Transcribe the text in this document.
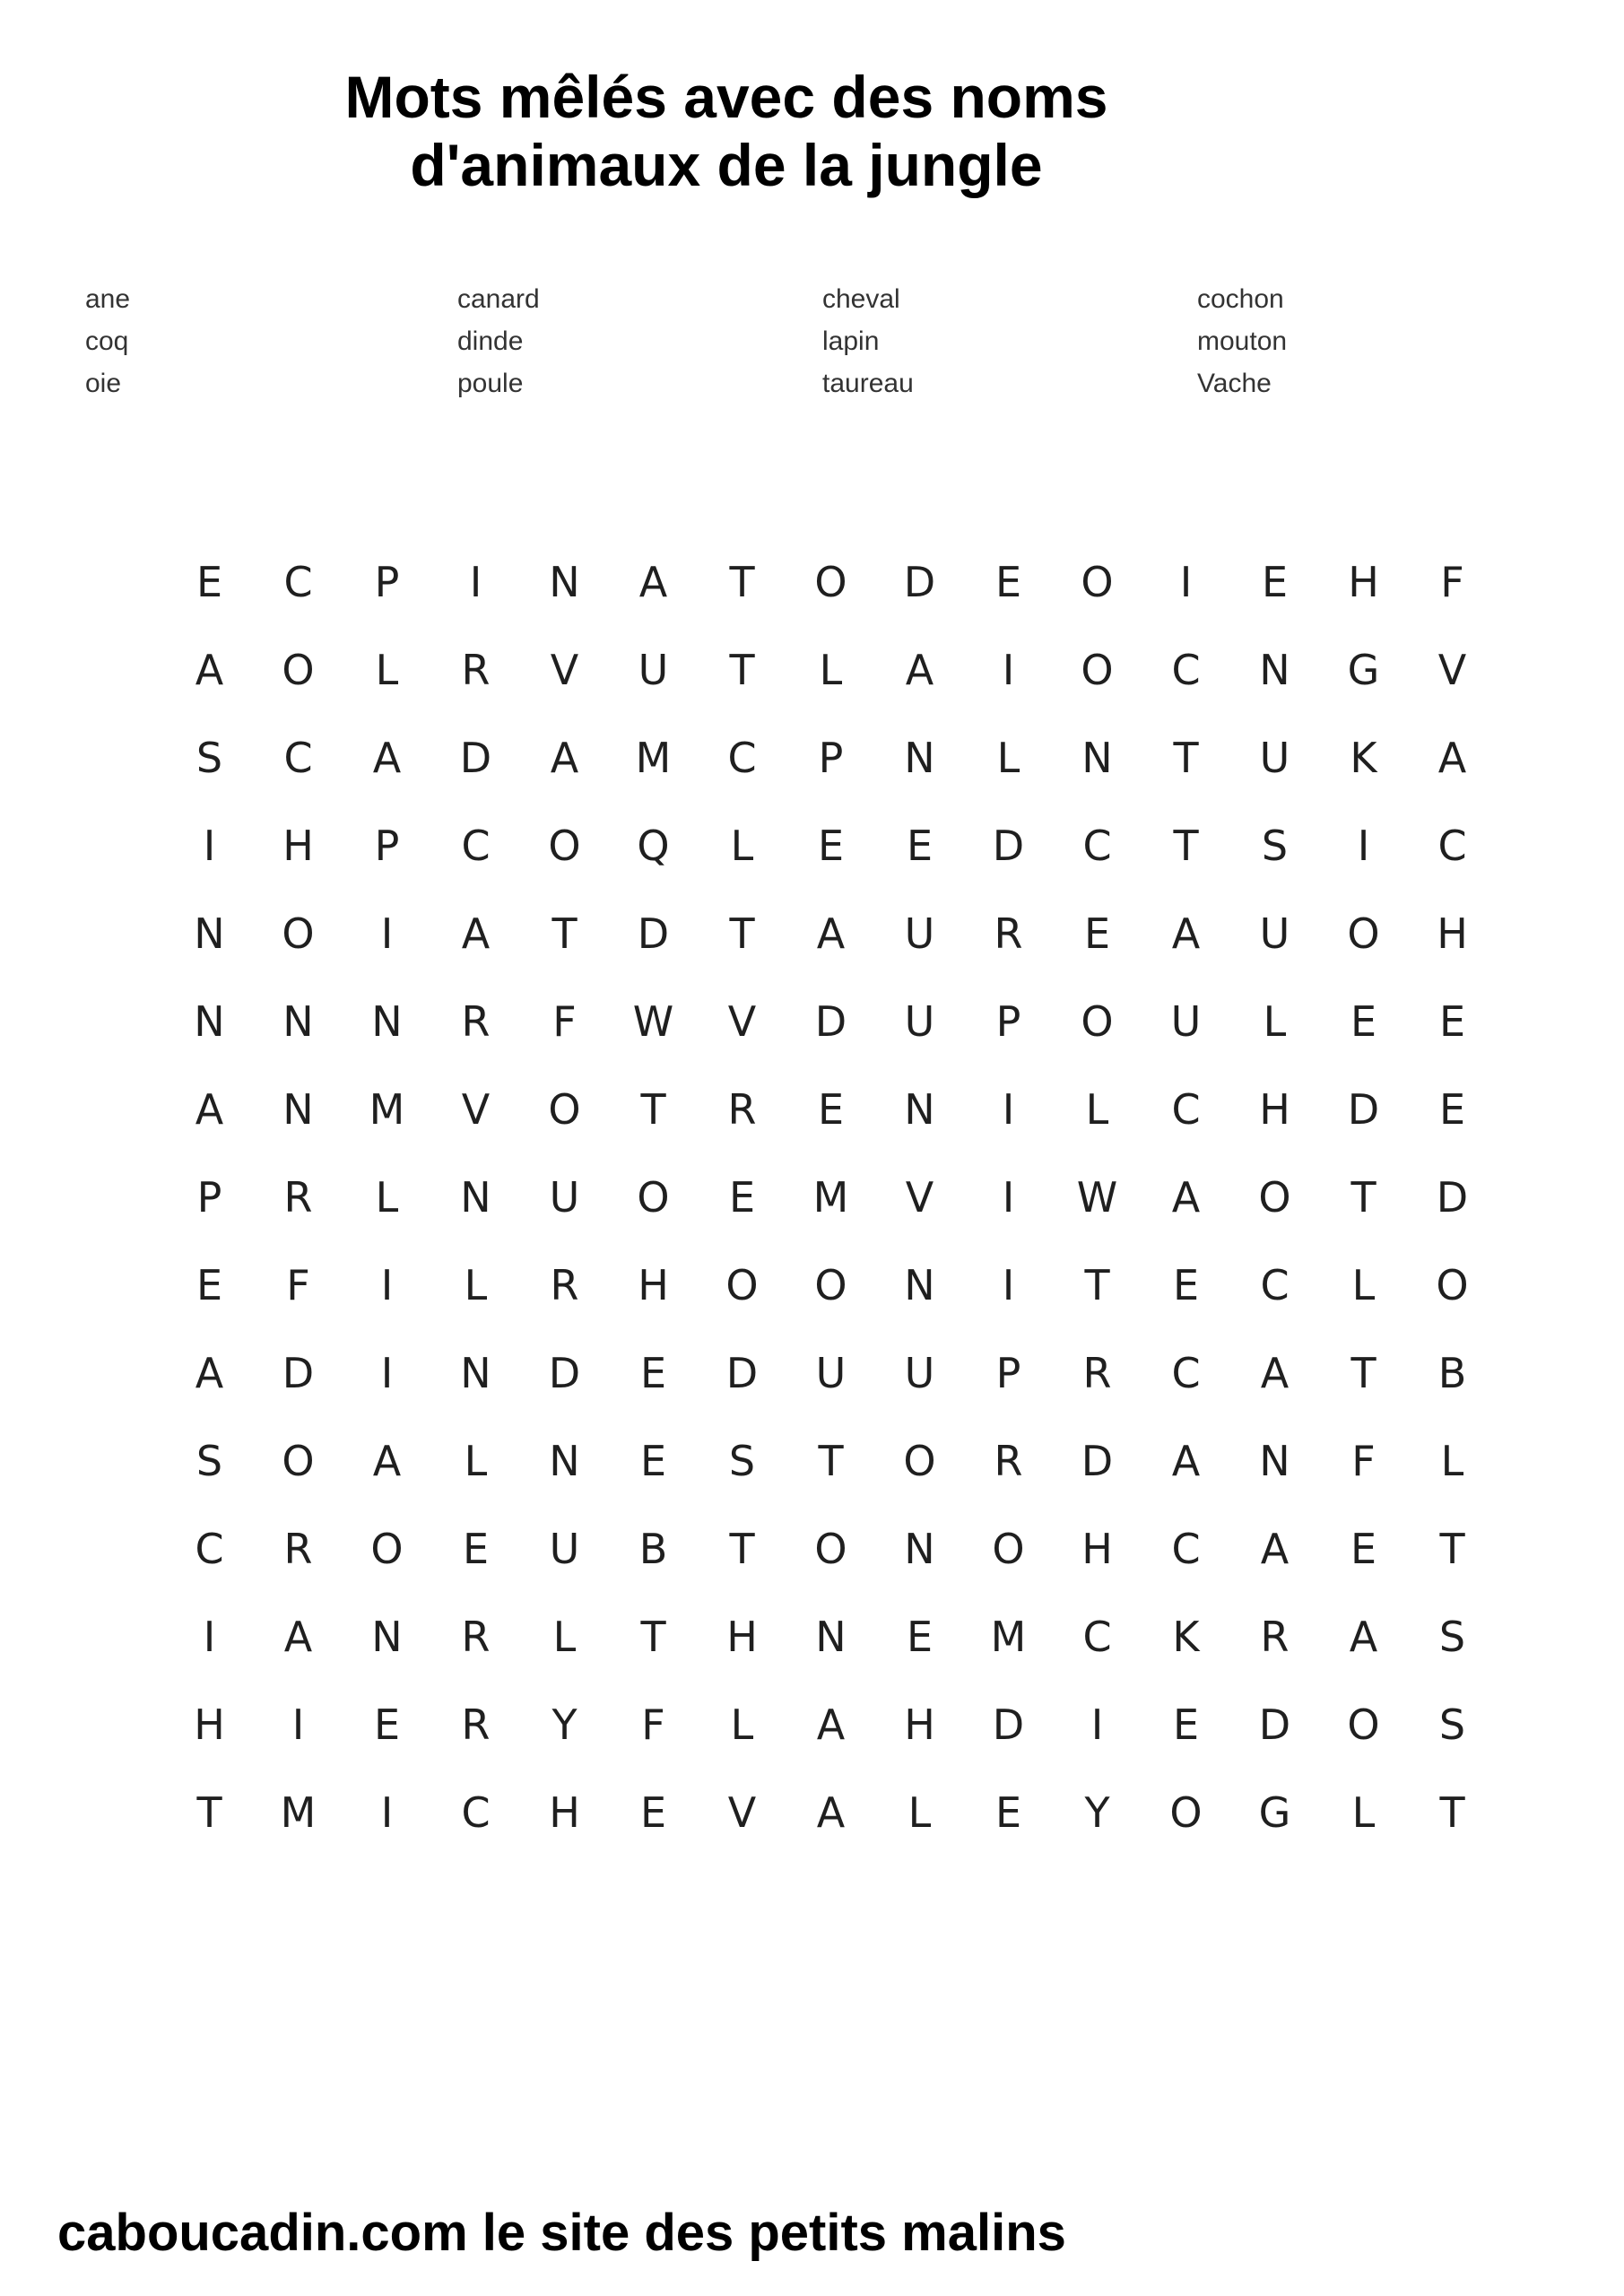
Mots mêlés avec des noms
d'animaux de la jungle
ane
coq
oie
canard
dinde
poule
cheval
lapin
taureau
cochon
mouton
Vache
E	C	P	I	N	A	T	O	D	E	O	I	E	H	F
A	O	L	R	V	U	T	L	A	I	O	C	N	G	V
S	C	A	D	A	M	C	P	N	L	N	T	U	K	A
I	H	P	C	O	Q	L	E	E	D	C	T	S	I	C
N	O	I	A	T	D	T	A	U	R	E	A	U	O	H
N	N	N	R	F	W	V	D	U	P	O	U	L	E	E
A	N	M	V	O	T	R	E	N	I	L	C	H	D	E
P	R	L	N	U	O	E	M	V	I	W	A	O	T	D
E	F	I	L	R	H	O	O	N	I	T	E	C	L	O
A	D	I	N	D	E	D	U	U	P	R	C	A	T	B
S	O	A	L	N	E	S	T	O	R	D	A	N	F	L
C	R	O	E	U	B	T	O	N	O	H	C	A	E	T
I	A	N	R	L	T	H	N	E	M	C	K	R	A	S
H	I	E	R	Y	F	L	A	H	D	I	E	D	O	S
T	M	I	C	H	E	V	A	L	E	Y	O	G	L	T
caboucadin.com le site des petits malins
